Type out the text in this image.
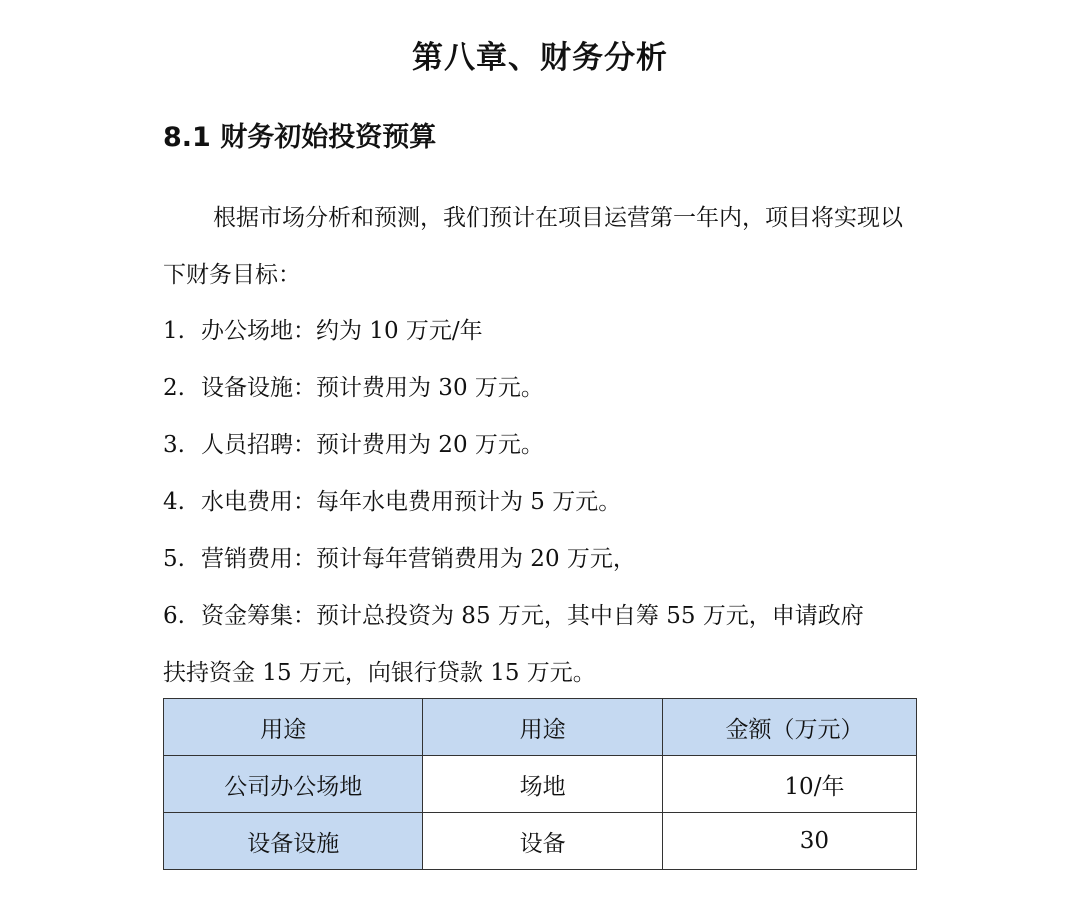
第八章、财务分析
8.1 财务初始投资预算
根据市场分析和预测，我们预计在项目运营第一年内，项目将实现以下财务目标：
1. 办公场地：约为 10 万元/年
2. 设备设施：预计费用为 30 万元。
3. 人员招聘：预计费用为 20 万元。
4. 水电费用：每年水电费用预计为 5 万元。
5. 营销费用：预计每年营销费用为 20 万元，
6. 资金筹集：预计总投资为 85 万元，其中自筹 55 万元，申请政府
扶持资金 15 万元，向银行贷款 15 万元。
用途	用途	金额（万元）
公司办公场地	场地	10/年
设备设施	设备	30
